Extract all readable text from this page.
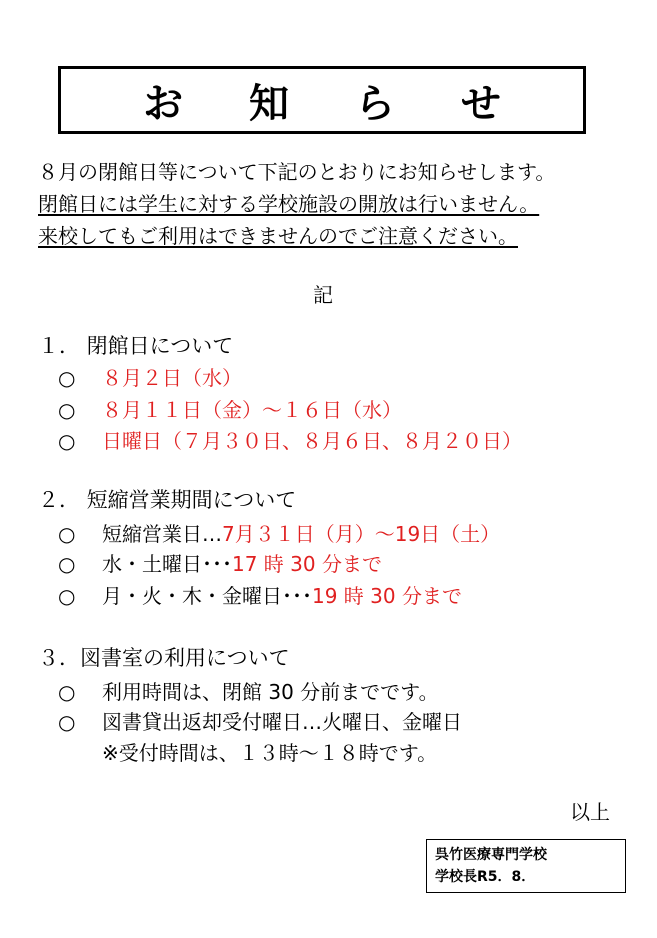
お 知 ら せ
８月の閉館日等について下記のとおりにお知らせします。
閉館日には学生に対する学校施設の開放は行いません。
来校してもご利用はできませんのでご注意ください。
記
１． 閉館日について
○ ８月２日（水）
○ ８月１１日（金）～１６日（水）
○ 日曜日（７月３０日、８月６日、８月２０日）
２． 短縮営業期間について
○ 短縮営業日…7月３１日（月）～19日（土）
○ 水・土曜日･･･17 時 30 分まで
○ 月・火・木・金曜日･･･19 時 30 分まで
３．図書室の利用について
○ 利用時間は、閉館 30 分前までです。
○ 図書貸出返却受付曜日…火曜日、金曜日
※受付時間は、１３時～１８時です。
以上
呉竹医療専門学校
学校長R5．8．
